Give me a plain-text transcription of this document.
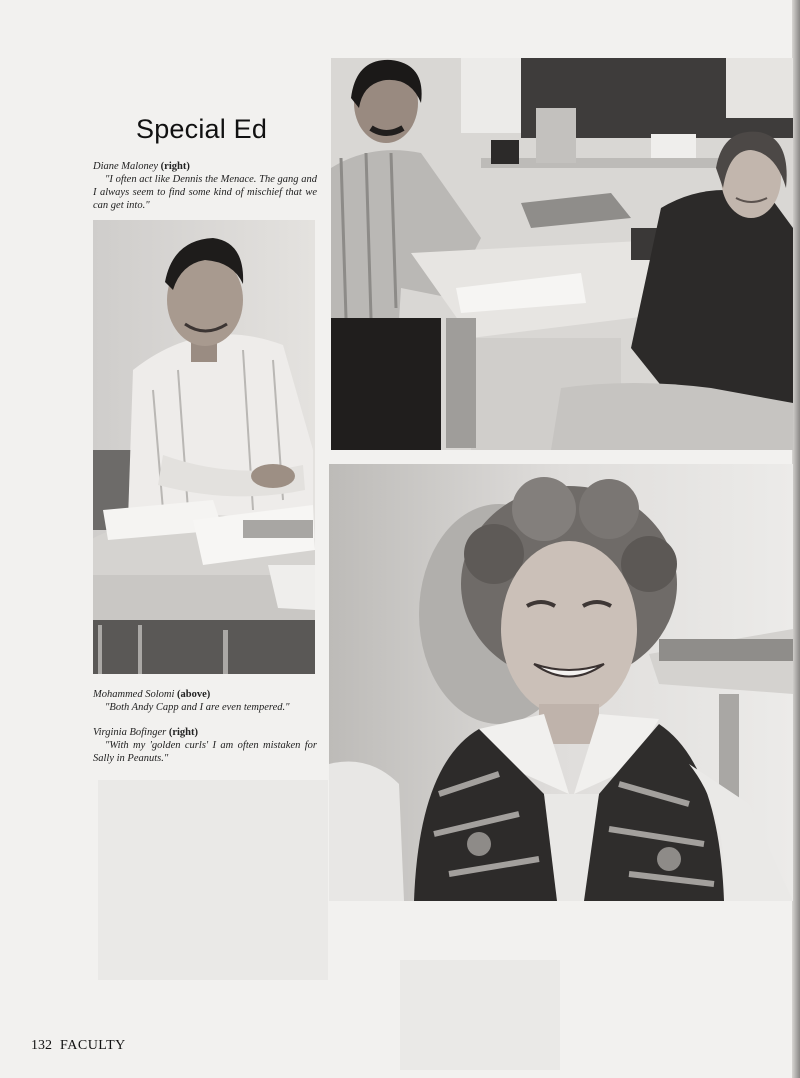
Special Ed
Diane Maloney (right)
"I often act like Dennis the Menace. The gang and I always seem to find some kind of mischief that we can get into."
Mohammed Solomi (above)
"Both Andy Capp and I are even tempered."
Virginia Bofinger (right)
"With my 'golden curls' I am often mistaken for Sally in Peanuts."
132 FACULTY
